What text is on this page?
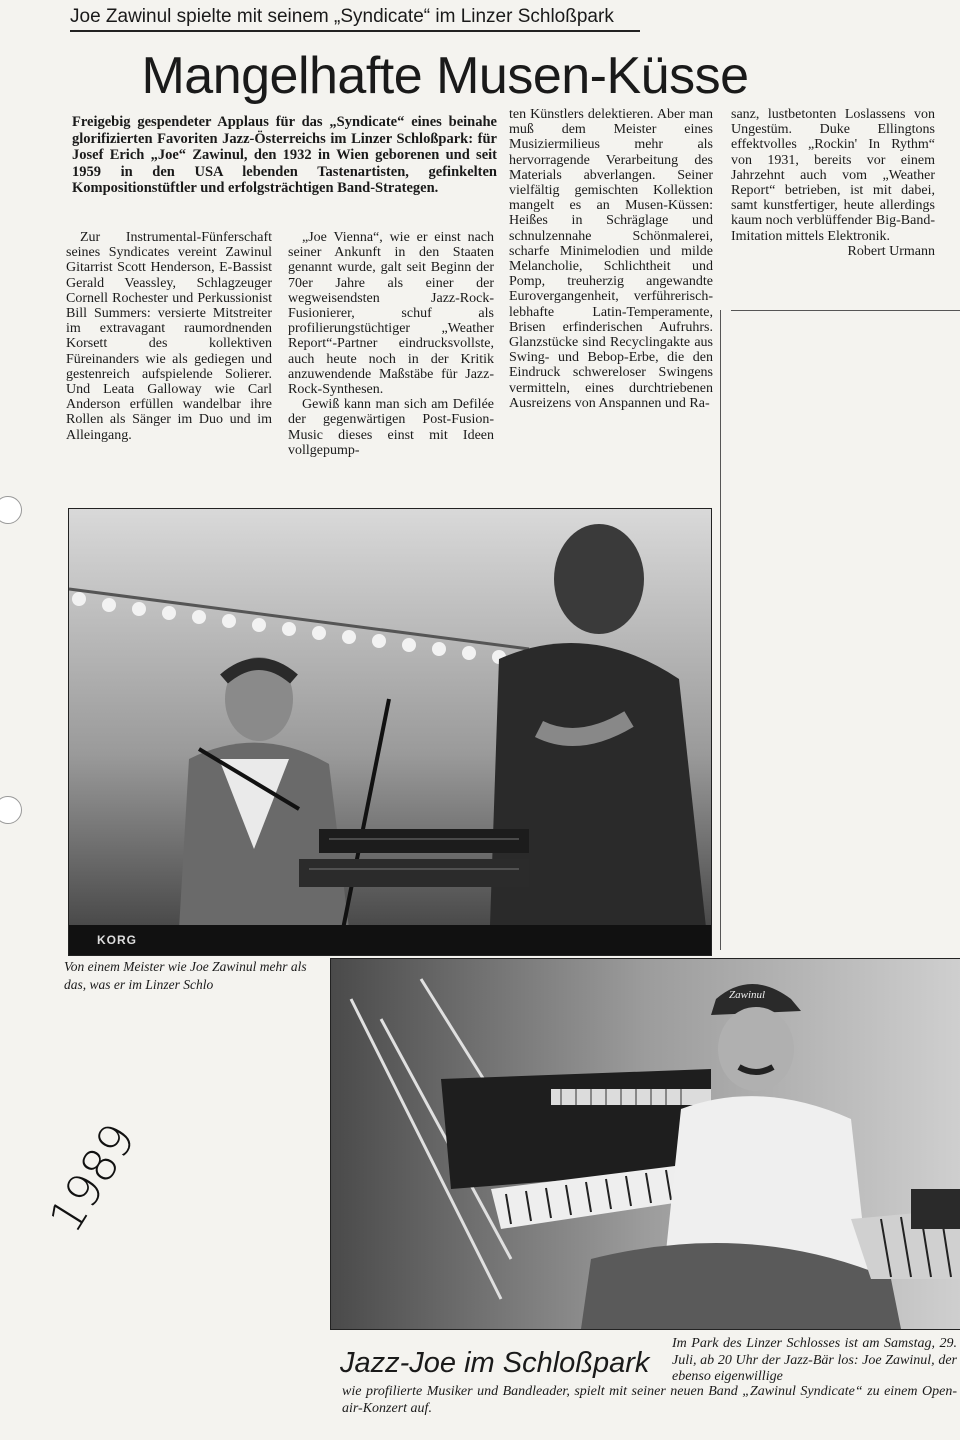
Joe Zawinul spielte mit seinem „Syndicate“ im Linzer Schloßpark
Mangelhafte Musen-Küsse

Freigebig gespendeter Applaus für das „Syndicate“ eines beinahe glorifizierten Favoriten Jazz-Österreichs im Linzer Schloßpark: für Josef Erich „Joe“ Zawinul, den 1932 in Wien geborenen und seit 1959 in den USA lebenden Tastenartisten, gefinkelten Kompositionstüftler und erfolgsträchtigen Band-Strategen.

Zur Instrumental-Fünferschaft seines Syndicates vereint Zawinul Gitarrist Scott Henderson, E-Bassist Gerald Veassley, Schlagzeuger Cornell Rochester und Perkussionist Bill Summers: versierte Mitstreiter im extravagant raumordnenden Korsett des kollektiven Füreinanders wie als gediegen und gestenreich aufspielende Solierer. Und Leata Galloway wie Carl Anderson erfüllen wandelbar ihre Rollen als Sänger im Duo und im Alleingang.

„Joe Vienna“, wie er einst nach seiner Ankunft in den Staaten genannt wurde, galt seit Beginn der 70er Jahre als einer der wegweisendsten Jazz-Rock-Fusionierer, schuf als profilierungstüchtiger „Weather Report“-Partner eindrucksvollste, auch heute noch in der Kritik anzuwendende Maßstäbe für Jazz-Rock-Synthesen.

Gewiß kann man sich am Defilée der gegenwärtigen Post-Fusion-Music dieses einst mit Ideen vollgepump-

ten Künstlers delektieren. Aber man muß dem Meister eines Musiziermilieus mehr als hervorragende Verarbeitung des Materials abverlangen. Seiner vielfältig gemischten Kollektion mangelt es an Musen-Küssen: Heißes in Schräglage und schnulzennahe Schönmalerei, scharfe Minimelodien und milde Melancholie, Schlichtheit und Pomp, treuherzig angewandte Eurovergangenheit, verführerisch-lebhafte Latin-Temperamente, Brisen erfinderischen Aufruhrs. Glanzstücke sind Recyclingakte aus Swing- und Bebop-Erbe, die den Eindruck schwereloser Swingens vermitteln, eines durchtriebenen Ausreizens von Anspannen und Ra-

sanz, lustbetonten Loslassens von Ungestüm. Duke Ellingtons effektvolles „Rockin' In Rythm“ von 1931, bereits vor einem Jahrzehnt auch vom „Weather Report“ betrieben, ist mit dabei, samt kunstfertiger, heute allerdings kaum noch verblüffender Big-Band-Imitation mittels Elektronik.

Robert Urmann
KORG
Von einem Meister wie Joe Zawinul mehr als das, was er im Linzer Schlo
Zawinul
Jazz-Joe im Schloßpark

Im Park des Linzer Schlosses ist am Samstag, 29. Juli, ab 20 Uhr der Jazz-Bär los: Joe Zawinul, der ebenso eigenwillige

wie profilierte Musiker und Bandleader, spielt mit seiner neuen Band „Zawinul Syndicate“ zu einem Open-air-Konzert auf.

1989
